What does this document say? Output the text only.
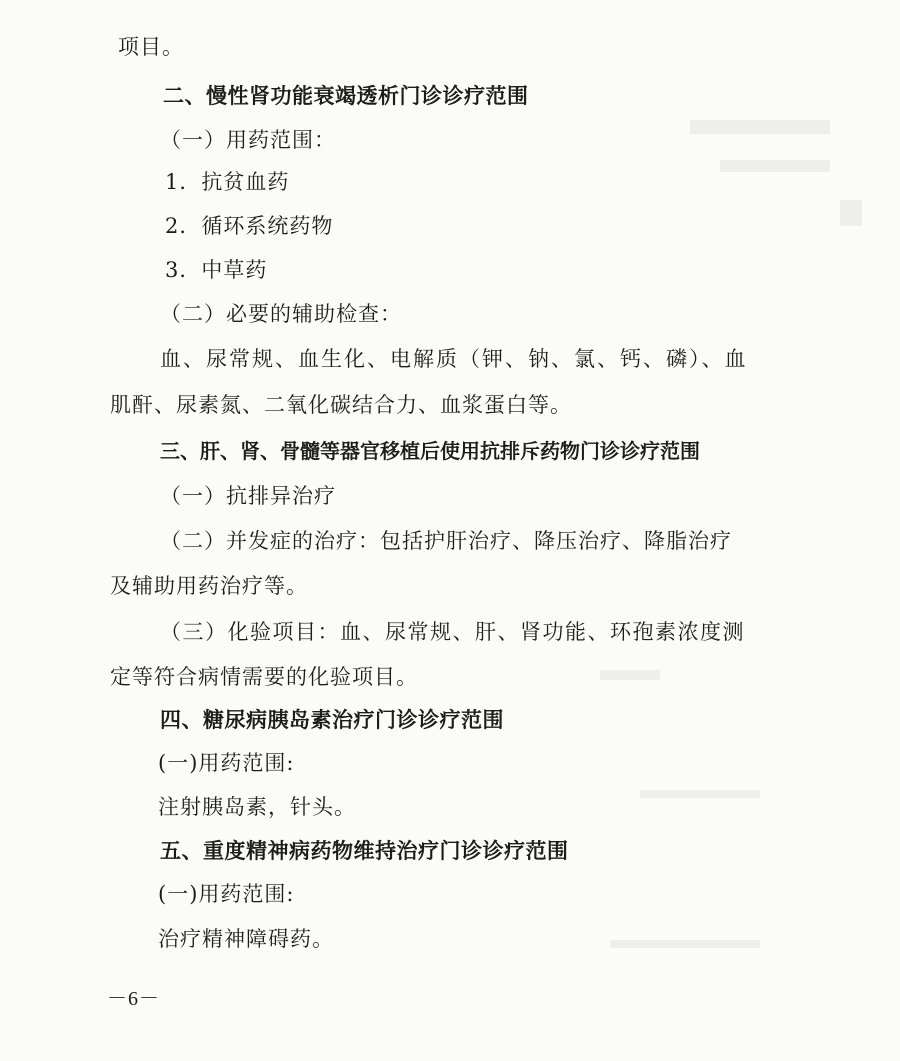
项目。
二、慢性肾功能衰竭透析门诊诊疗范围
（一）用药范围：
1．抗贫血药
2．循环系统药物
3．中草药
（二）必要的辅助检查：
血、尿常规、血生化、电解质（钾、钠、氯、钙、磷）、血
肌酐、尿素氮、二氧化碳结合力、血浆蛋白等。
三、肝、肾、骨髓等器官移植后使用抗排斥药物门诊诊疗范围
（一）抗排异治疗
（二）并发症的治疗：包括护肝治疗、降压治疗、降脂治疗
及辅助用药治疗等。
（三）化验项目：血、尿常规、肝、肾功能、环孢素浓度测
定等符合病情需要的化验项目。
四、糖尿病胰岛素治疗门诊诊疗范围
(一)用药范围:
注射胰岛素，针头。
五、重度精神病药物维持治疗门诊诊疗范围
(一)用药范围:
治疗精神障碍药。
－6－
